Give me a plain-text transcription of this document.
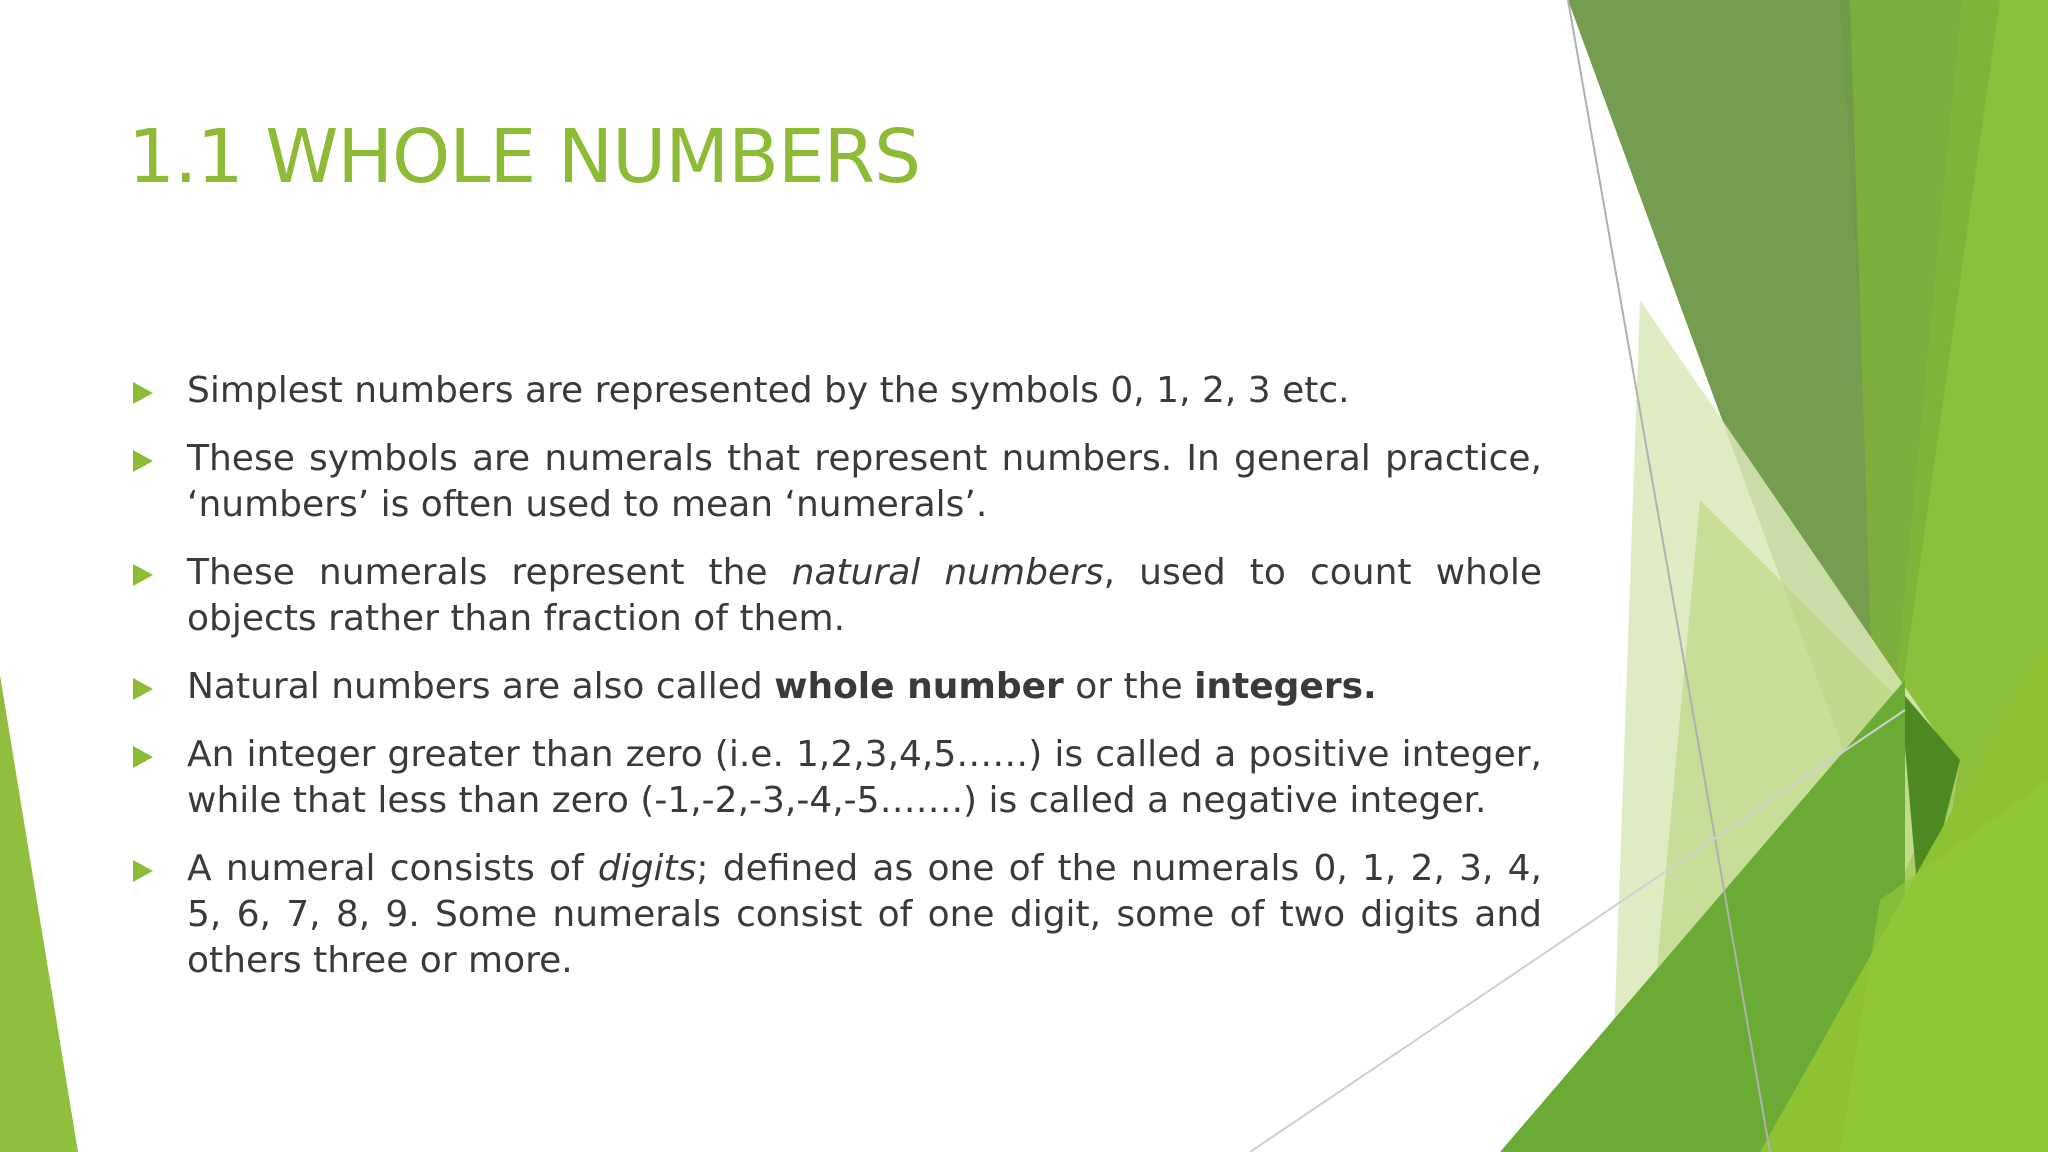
1.1 WHOLE NUMBERS
Simplest numbers are represented by the symbols 0, 1, 2, 3 etc.
These symbols are numerals that represent numbers. In general practice, ‘numbers’ is often used to mean ‘numerals’.
These numerals represent the natural numbers, used to count whole objects rather than fraction of them.
Natural numbers are also called whole number or the integers.
An integer greater than zero (i.e. 1,2,3,4,5……) is called a positive integer, while that less than zero (-1,-2,-3,-4,-5…….) is called a negative integer.
A numeral consists of digits; defined as one of the numerals 0, 1, 2, 3, 4, 5, 6, 7, 8, 9. Some numerals consist of one digit, some of two digits and others three or more.
